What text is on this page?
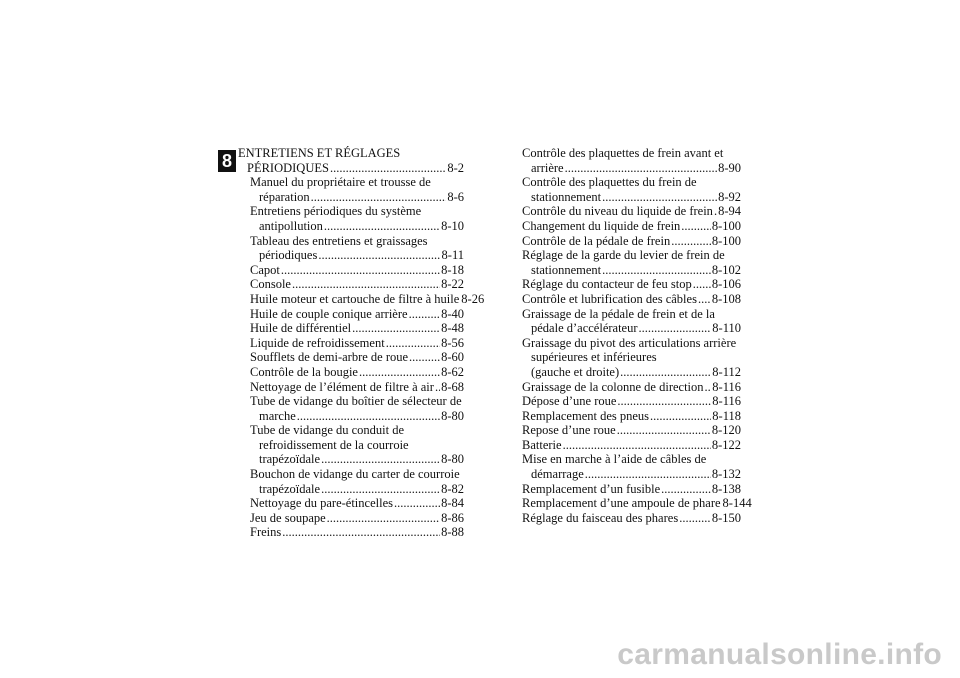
8 ENTRETIENS ET RÉGLAGES
PÉRIODIQUES .....	8-2
Manuel du propriétaire et trousse de
réparation .....	8-6
Entretiens périodiques du système
antipollution .....	8-10
Tableau des entretiens et graissages
périodiques .....	8-11
Capot .....	8-18
Console .....	8-22
Huile moteur et cartouche de filtre à huile 8-26
Huile de couple conique arrière .....	8-40
Huile de différentiel .....	8-48
Liquide de refroidissement .....	8-56
Soufflets de demi-arbre de roue .....	8-60
Contrôle de la bougie .....	8-62
Nettoyage de l’élément de filtre à air ..... 8-68
Tube de vidange du boîtier de sélecteur de
marche .....	8-80
Tube de vidange du conduit de
refroidissement de la courroie
trapézoïdale .....	8-80
Bouchon de vidange du carter de courroie
trapézoïdale .....	8-82
Nettoyage du pare-étincelles .....	8-84
Jeu de soupape .....	8-86
Freins .....	8-88
Contrôle des plaquettes de frein avant et
arrière .....	8-90
Contrôle des plaquettes du frein de
stationnement .....	8-92
Contrôle du niveau du liquide de frein ..... 8-94
Changement du liquide de frein .....	8-100
Contrôle de la pédale de frein .....	8-100
Réglage de la garde du levier de frein de
stationnement .....	8-102
Réglage du contacteur de feu stop ..... 8-106
Contrôle et lubrification des câbles ..... 8-108
Graissage de la pédale de frein et de la
pédale d’accélérateur .....	8-110
Graissage du pivot des articulations arrière
supérieures et inférieures
(gauche et droite) .....	8-112
Graissage de la colonne de direction ..... 8-116
Dépose d’une roue .....	8-116
Remplacement des pneus .....	8-118
Repose d’une roue .....	8-120
Batterie .....	8-122
Mise en marche à l’aide de câbles de
démarrage .....	8-132
Remplacement d’un fusible .....	8-138
Remplacement d’une ampoule de phare 8-144
Réglage du faisceau des phares .....	8-150
carmanualsonline.info
